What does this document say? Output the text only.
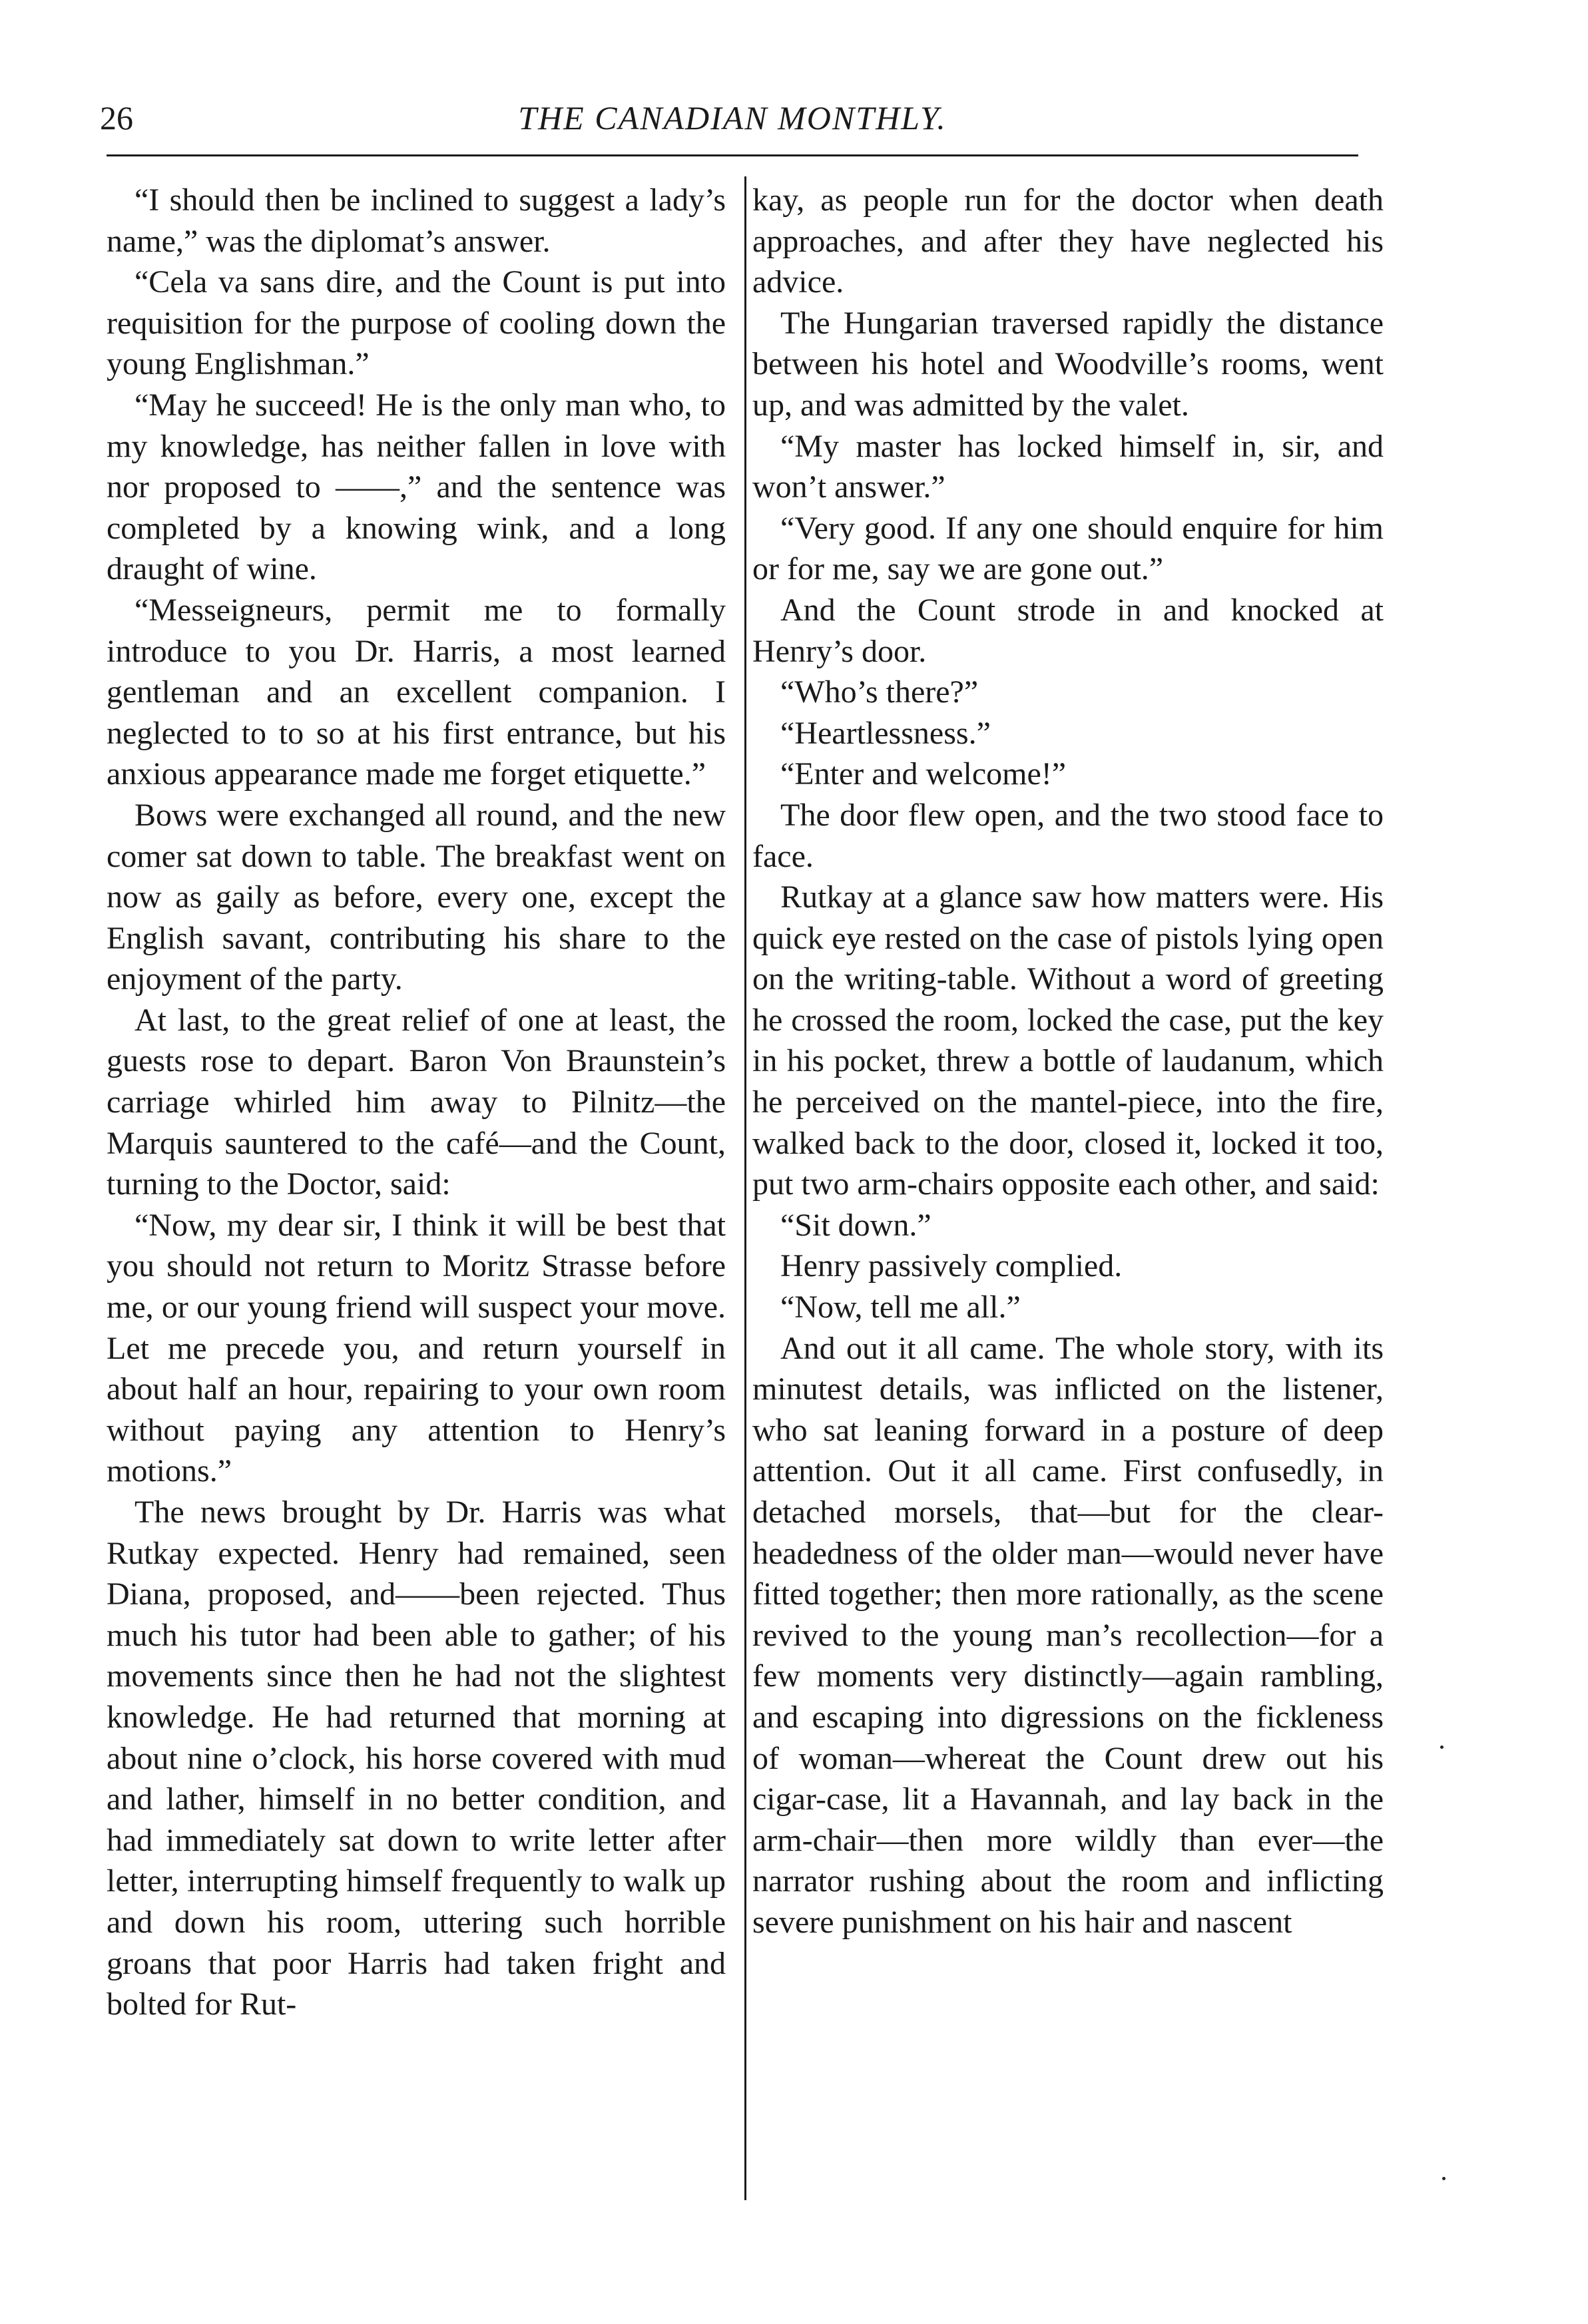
26	THE CANADIAN MONTHLY.

“I should then be inclined to suggest a lady’s name,” was the diplomat’s answer.

“Cela va sans dire, and the Count is put into requisition for the purpose of cooling down the young Englishman.”

“May he succeed! He is the only man who, to my knowledge, has neither fallen in love with nor proposed to ——,” and the sentence was completed by a knowing wink, and a long draught of wine.

“Messeigneurs, permit me to formally introduce to you Dr. Harris, a most learned gentleman and an excellent companion. I neglected to to so at his first entrance, but his anxious appearance made me forget etiquette.”

Bows were exchanged all round, and the new comer sat down to table. The breakfast went on now as gaily as before, every one, except the English savant, contributing his share to the enjoyment of the party.

At last, to the great relief of one at least, the guests rose to depart. Baron Von Braunstein’s carriage whirled him away to Pilnitz—the Marquis sauntered to the café—and the Count, turning to the Doctor, said:

“Now, my dear sir, I think it will be best that you should not return to Moritz Strasse before me, or our young friend will suspect your move. Let me precede you, and return yourself in about half an hour, repairing to your own room without paying any attention to Henry’s motions.”

The news brought by Dr. Harris was what Rutkay expected. Henry had remained, seen Diana, proposed, and——been rejected. Thus much his tutor had been able to gather; of his movements since then he had not the slightest knowledge. He had returned that morning at about nine o’clock, his horse covered with mud and lather, himself in no better condition, and had immediately sat down to write letter after letter, interrupting himself frequently to walk up and down his room, uttering such horrible groans that poor Harris had taken fright and bolted for Rut-

kay, as people run for the doctor when death approaches, and after they have neglected his advice.

The Hungarian traversed rapidly the distance between his hotel and Woodville’s rooms, went up, and was admitted by the valet.

“My master has locked himself in, sir, and won’t answer.”

“Very good. If any one should enquire for him or for me, say we are gone out.”

And the Count strode in and knocked at Henry’s door.

“Who’s there?”

“Heartlessness.”

“Enter and welcome!”

The door flew open, and the two stood face to face.

Rutkay at a glance saw how matters were. His quick eye rested on the case of pistols lying open on the writing-table. Without a word of greeting he crossed the room, locked the case, put the key in his pocket, threw a bottle of laudanum, which he perceived on the mantel-piece, into the fire, walked back to the door, closed it, locked it too, put two arm-chairs opposite each other, and said:

“Sit down.”

Henry passively complied.

“Now, tell me all.”

And out it all came. The whole story, with its minutest details, was inflicted on the listener, who sat leaning forward in a posture of deep attention. Out it all came. First confusedly, in detached morsels, that—but for the clear-headedness of the older man—would never have fitted together; then more rationally, as the scene revived to the young man’s recollection—for a few moments very distinctly—again rambling, and escaping into digressions on the fickleness of woman—whereat the Count drew out his cigar-case, lit a Havannah, and lay back in the arm-chair—then more wildly than ever—the narrator rushing about the room and inflicting severe punishment on his hair and nascent
